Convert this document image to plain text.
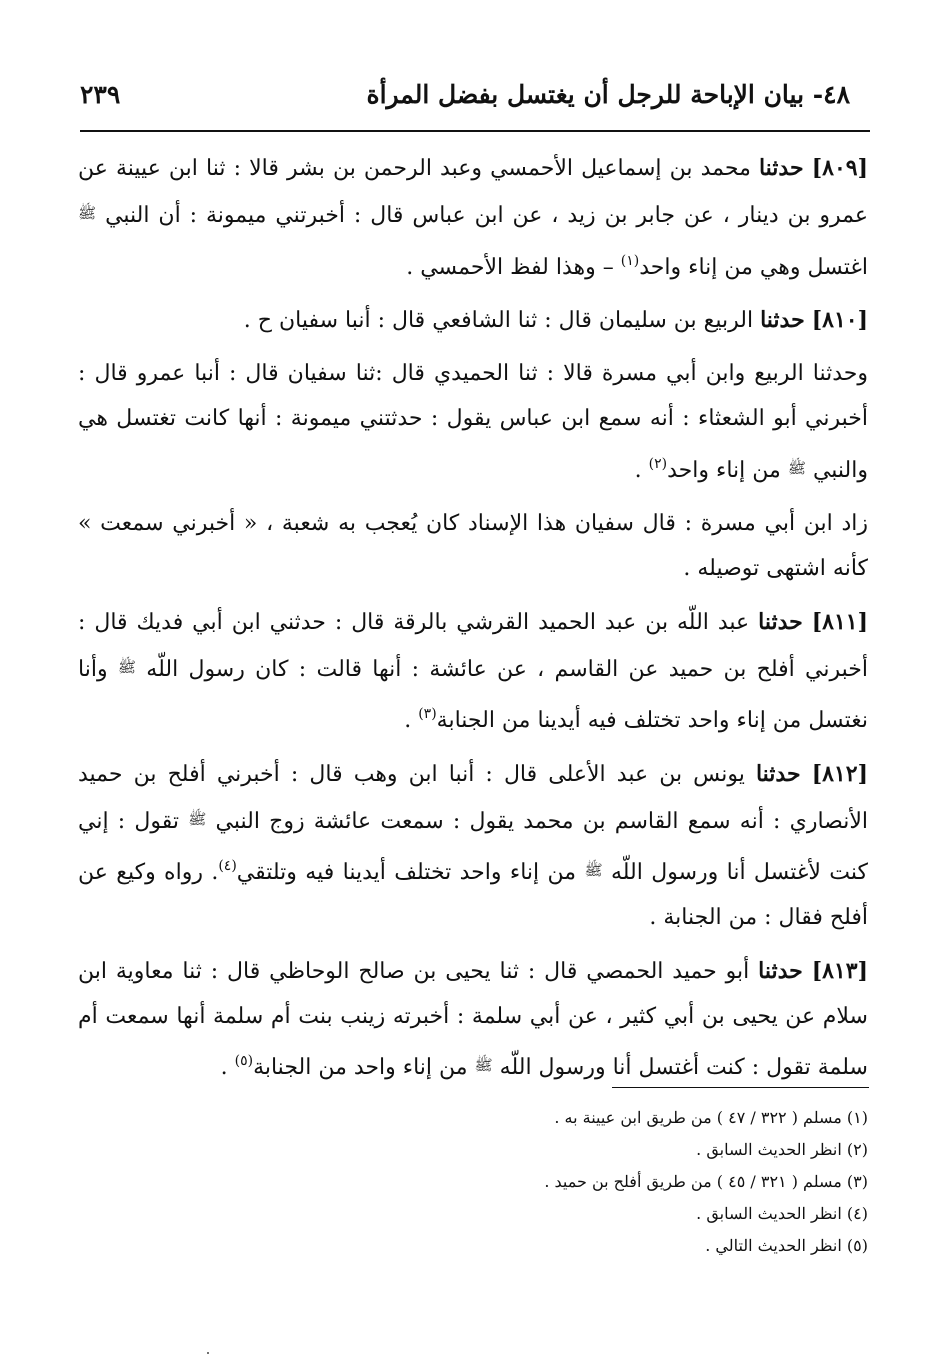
٤٨- بيان الإباحة للرجل أن يغتسل بفضل المرأة
٢٣٩

[٨٠٩] حدثنا محمد بن إسماعيل الأحمسي وعبد الرحمن بن بشر قالا : ثنا ابن عيينة عن عمرو بن دينار ، عن جابر بن زيد ، عن ابن عباس قال : أخبرتني ميمونة : أن النبي ﷺ اغتسل وهي من إناء واحد$^{(١)}$ – وهذا لفظ الأحمسي .

[٨١٠] حدثنا الربيع بن سليمان قال : ثنا الشافعي قال : أنبا سفيان ح .

وحدثنا الربيع وابن أبي مسرة قالا : ثنا الحميدي قال :ثنا سفيان قال : أنبا عمرو قال : أخبرني أبو الشعثاء : أنه سمع ابن عباس يقول : حدثتني ميمونة : أنها كانت تغتسل هي والنبي ﷺ من إناء واحد$^{(٢)}$ .

زاد ابن أبي مسرة : قال سفيان هذا الإسناد كان يُعجب به شعبة ، « أخبرني سمعت » كأنه اشتهى توصيله .

[٨١١] حدثنا عبد اللّه بن عبد الحميد القرشي بالرقة قال : حدثني ابن أبي فديك قال : أخبرني أفلح بن حميد عن القاسم ، عن عائشة : أنها قالت : كان رسول اللّه ﷺ وأنا نغتسل من إناء واحد تختلف فيه أيدينا من الجنابة$^{(٣)}$ .

[٨١٢] حدثنا يونس بن عبد الأعلى قال : أنبا ابن وهب قال : أخبرني أفلح بن حميد الأنصاري : أنه سمع القاسم بن محمد يقول : سمعت عائشة زوج النبي ﷺ تقول : إني كنت لأغتسل أنا ورسول اللّه ﷺ من إناء واحد تختلف أيدينا فيه وتلتقي$^{(٤)}$. رواه وكيع عن أفلح فقال : من الجنابة .

[٨١٣] حدثنا أبو حميد الحمصي قال : ثنا يحيى بن صالح الوحاظي قال : ثنا معاوية ابن سلام عن يحيى بن أبي كثير ، عن أبي سلمة : أخبرته زينب بنت أم سلمة أنها سمعت أم سلمة تقول : كنت أغتسل أنا ورسول اللّه ﷺ من إناء واحد من الجنابة$^{(٥)}$ .

(١) مسلم ( ٣٢٢ / ٤٧ ) من طريق ابن عيينة به .
(٢) انظر الحديث السابق .
(٣) مسلم ( ٣٢١ / ٤٥ ) من طريق أفلح بن حميد .
(٤) انظر الحديث السابق .
(٥) انظر الحديث التالي .
